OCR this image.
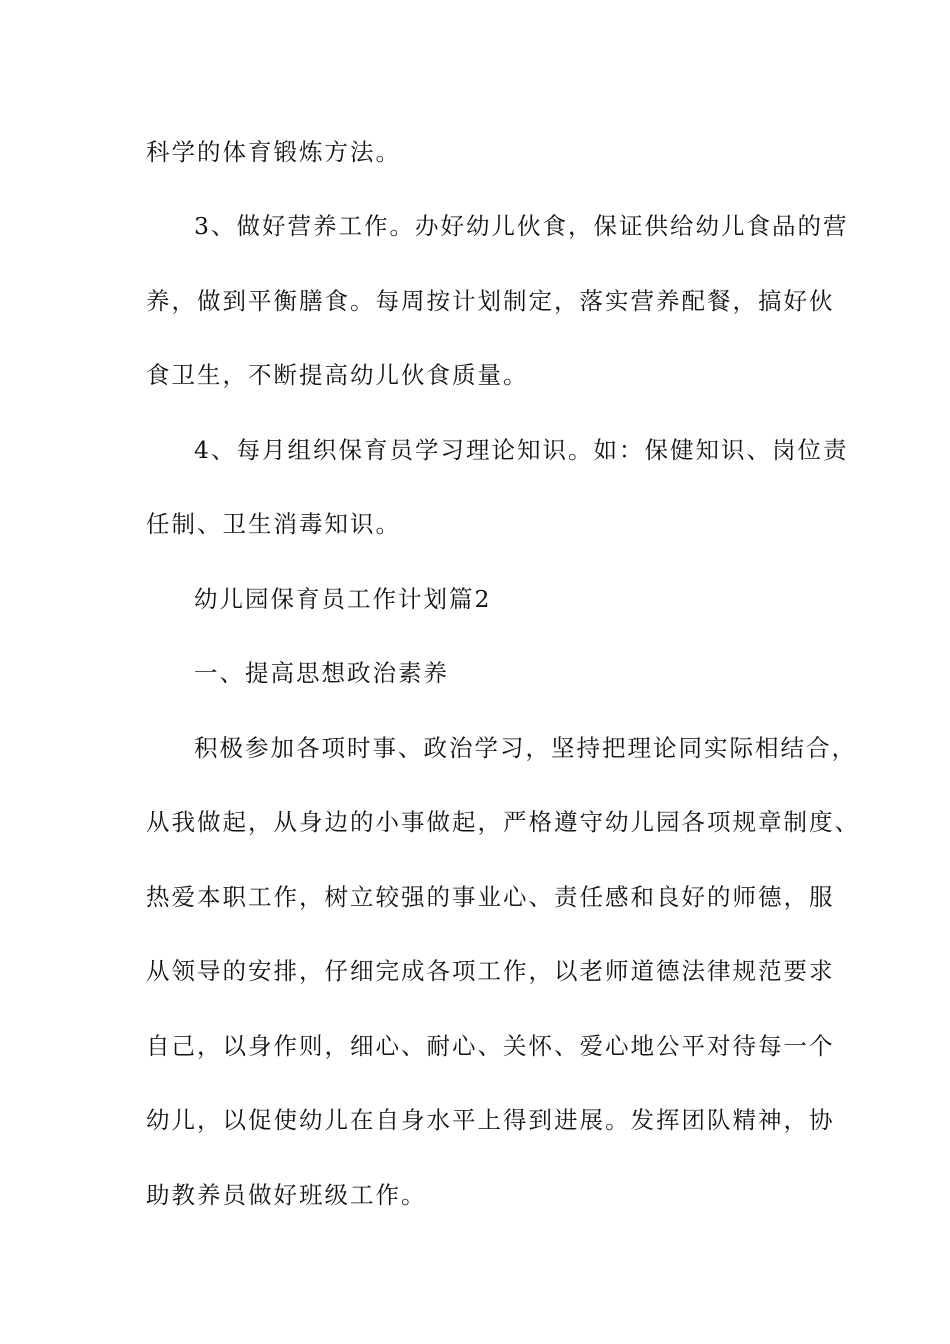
科学的体育锻炼方法。
3、做好营养工作。办好幼儿伙食，保证供给幼儿食品的营
养，做到平衡膳食。每周按计划制定，落实营养配餐，搞好伙
食卫生，不断提高幼儿伙食质量。
4、每月组织保育员学习理论知识。如：保健知识、岗位责
任制、卫生消毒知识。
幼儿园保育员工作计划篇2
一、提高思想政治素养
积极参加各项时事、政治学习，坚持把理论同实际相结合，
从我做起，从身边的小事做起，严格遵守幼儿园各项规章制度、
热爱本职工作，树立较强的事业心、责任感和良好的师德，服
从领导的安排，仔细完成各项工作，以老师道德法律规范要求
自己，以身作则，细心、耐心、关怀、爱心地公平对待每一个
幼儿，以促使幼儿在自身水平上得到进展。发挥团队精神，协
助教养员做好班级工作。
